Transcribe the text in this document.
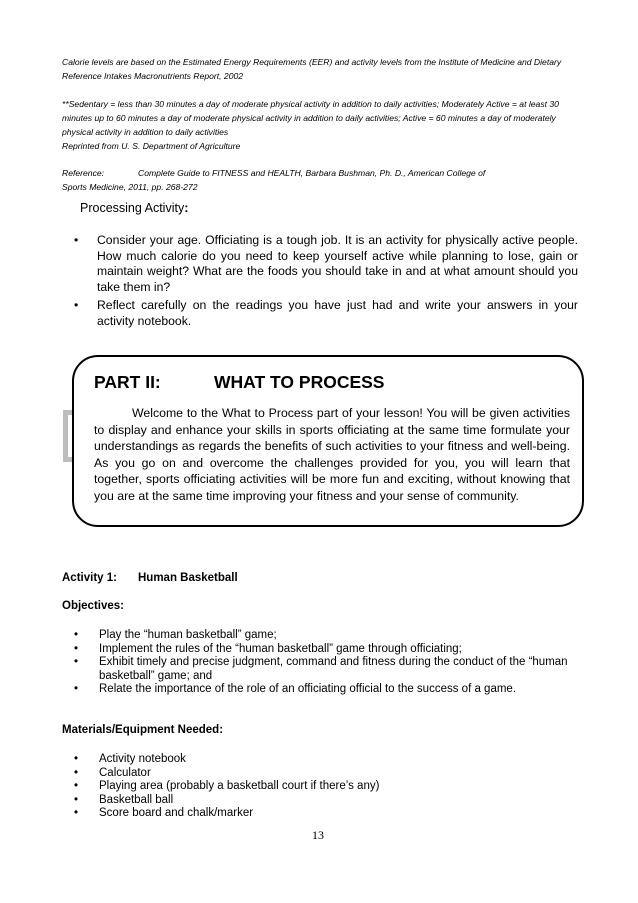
Calorie levels are based on the Estimated Energy Requirements (EER) and activity levels from the Institute of Medicine and Dietary Reference Intakes Macronutrients Report, 2002

**Sedentary = less than 30 minutes a day of moderate physical activity in addition to daily activities; Moderately Active = at least 30 minutes up to 60 minutes a day of moderate physical activity in addition to daily activities; Active = 60 minutes a day of moderately physical activity in addition to daily activities

Reprinted from U. S. Department of Agriculture

Reference:	Complete Guide to FITNESS and HEALTH, Barbara Bushman, Ph. D., American College of
Sports Medicine, 2011, pp. 268-272
Processing Activity:
• Consider your age. Officiating is a tough job. It is an activity for physically active people. How much calorie do you need to keep yourself active while planning to lose, gain or maintain weight? What are the foods you should take in and at what amount should you take them in?
• Reflect carefully on the readings you have just had and write your answers in your activity notebook.
PART II:	WHAT TO PROCESS

Welcome to the What to Process part of your lesson! You will be given activities to display and enhance your skills in sports officiating at the same time formulate your understandings as regards the benefits of such activities to your fitness and well-being. As you go on and overcome the challenges provided for you, you will learn that together, sports officiating activities will be more fun and exciting, without knowing that you are at the same time improving your fitness and your sense of community.

Activity 1: Human Basketball
Objectives:
• Play the “human basketball” game;
• Implement the rules of the “human basketball” game through officiating;
• Exhibit timely and precise judgment, command and fitness during the conduct of the “human basketball” game; and
• Relate the importance of the role of an officiating official to the success of a game.
Materials/Equipment Needed:
• Activity notebook
• Calculator
• Playing area (probably a basketball court if there’s any)
• Basketball ball
• Score board and chalk/marker
13
